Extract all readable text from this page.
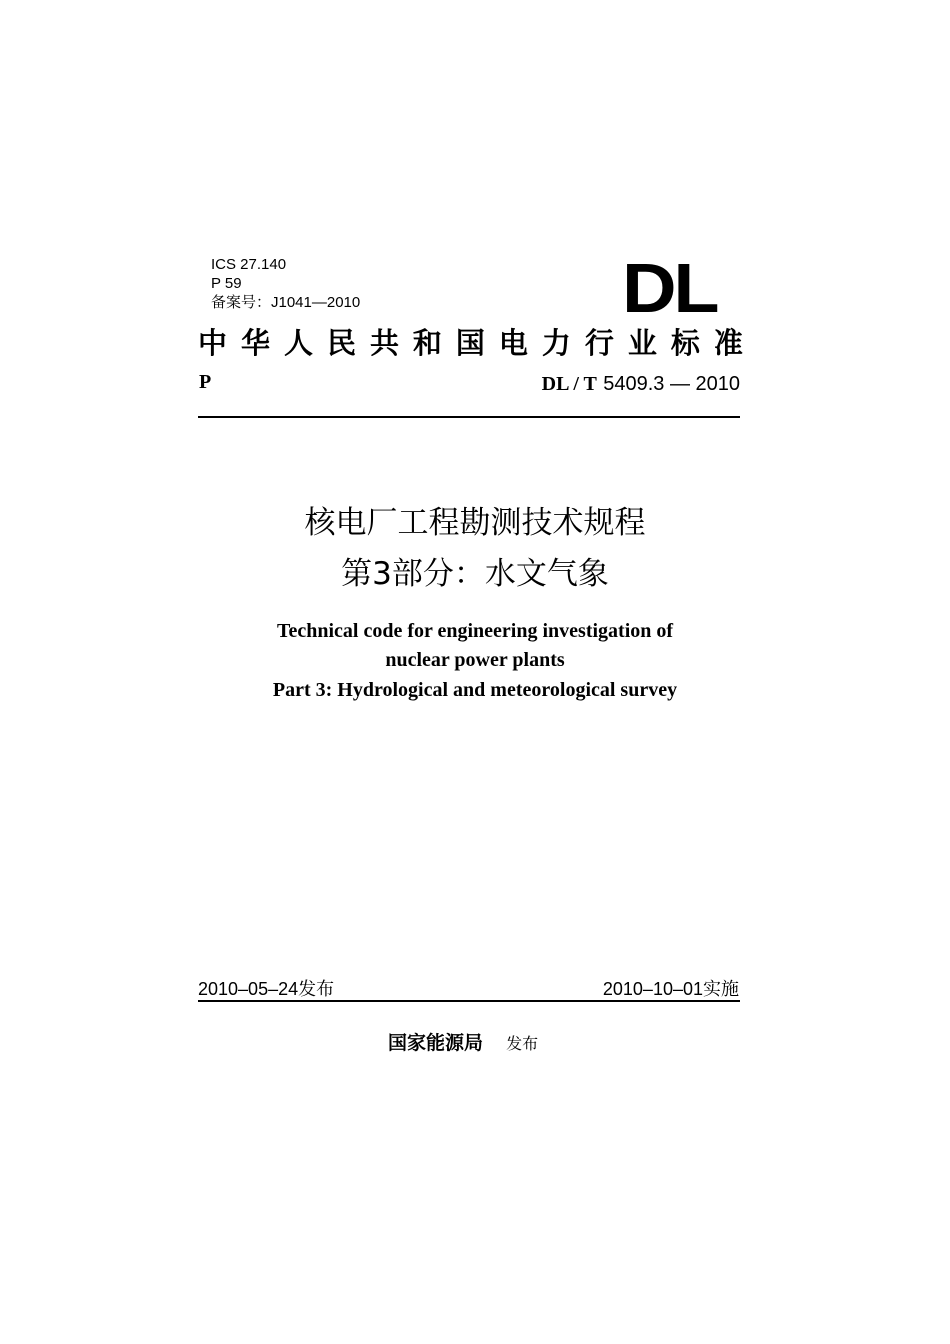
ICS 27.140
P 59
备案号：J1041—2010	DL
中 华 人 民 共 和 国 电 力 行 业 标 准
P	DL / T 5409.3 — 2010
核电厂工程勘测技术规程
第3部分：水文气象
Technical code for engineering investigation of
nuclear power plants
Part 3: Hydrological and meteorological survey
2010–05–24发布	2010–10–01实施
国家能源局 发布
